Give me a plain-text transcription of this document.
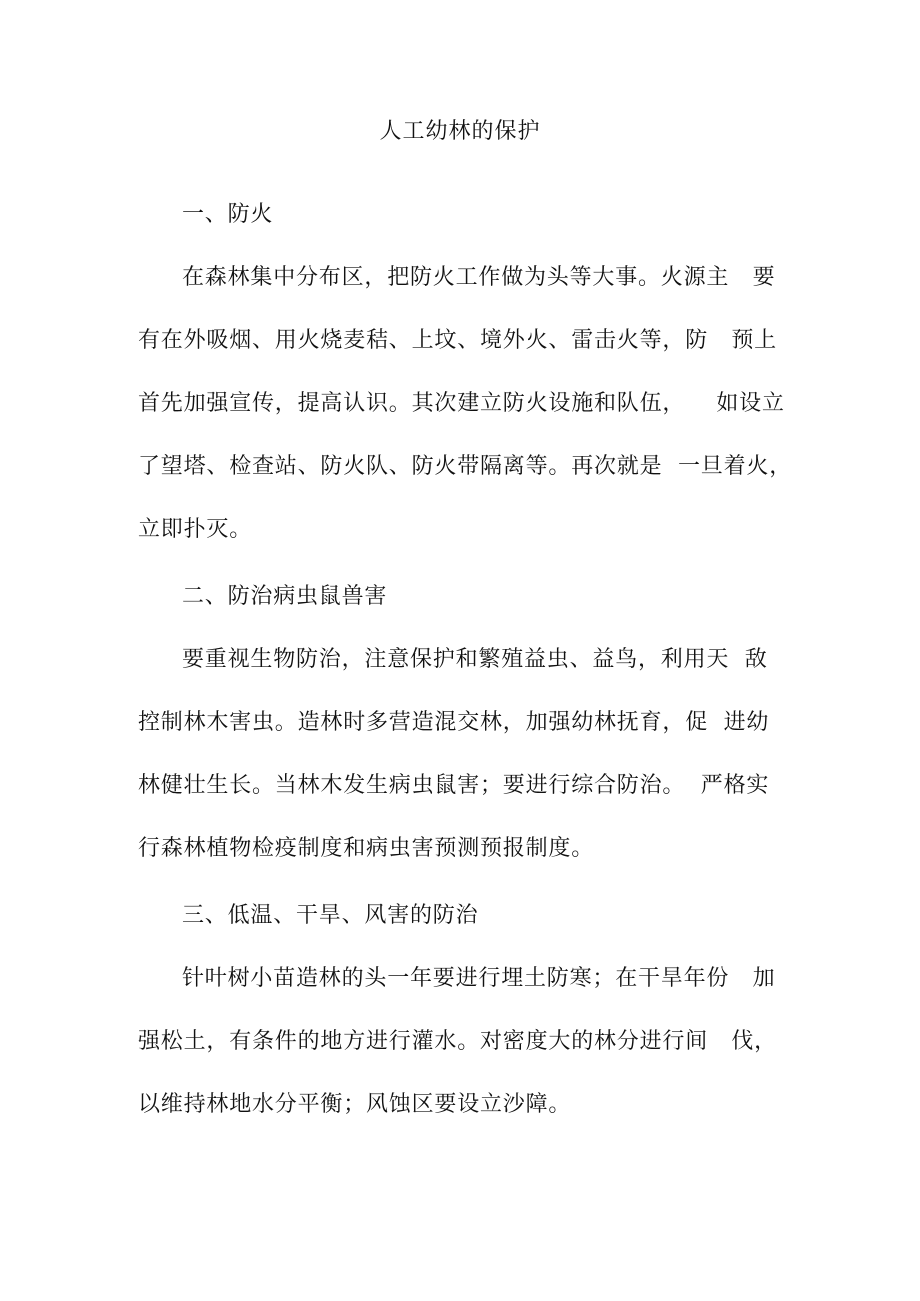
人工幼林的保护
一、防火
在森林集中分布区，把防火工作做为头等大事。火源主   要
有在外吸烟、用火烧麦秸、上坟、境外火、雷击火等，防   预上
首先加强宣传，提高认识。其次建立防火设施和队伍，    如设立
了望塔、检查站、防火队、防火带隔离等。再次就是  一旦着火，
立即扑灭。
二、防治病虫鼠兽害
要重视生物防治，注意保护和繁殖益虫、益鸟，利用天  敌
控制林木害虫。造林时多营造混交林，加强幼林抚育，促  进幼
林健壮生长。当林木发生病虫鼠害；要进行综合防治。  严格实
行森林植物检疫制度和病虫害预测预报制度。
三、低温、干旱、风害的防治
针叶树小苗造林的头一年要进行埋土防寒；在干旱年份   加
强松土，有条件的地方进行灌水。对密度大的林分进行间   伐，
以维持林地水分平衡；风蚀区要设立沙障。
